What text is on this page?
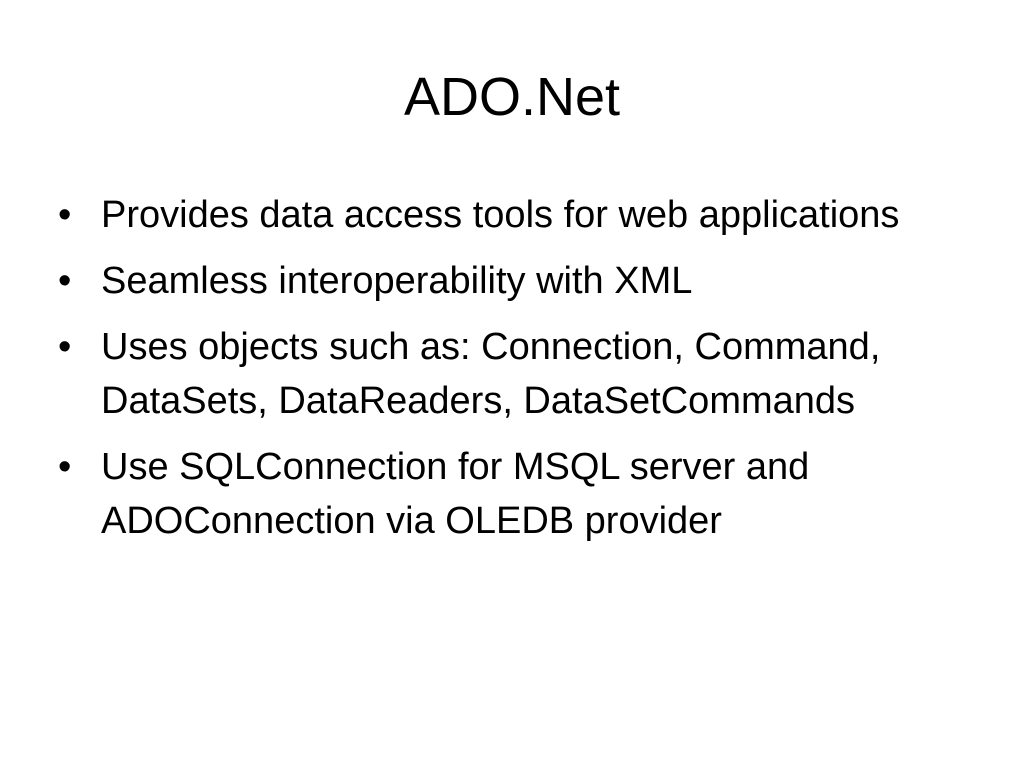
ADO.Net
• Provides data access tools for web applications
• Seamless interoperability with XML
• Uses objects such as: Connection, Command, DataSets, DataReaders, DataSetCommands
• Use SQLConnection for MSQL server and ADOConnection via OLEDB provider
